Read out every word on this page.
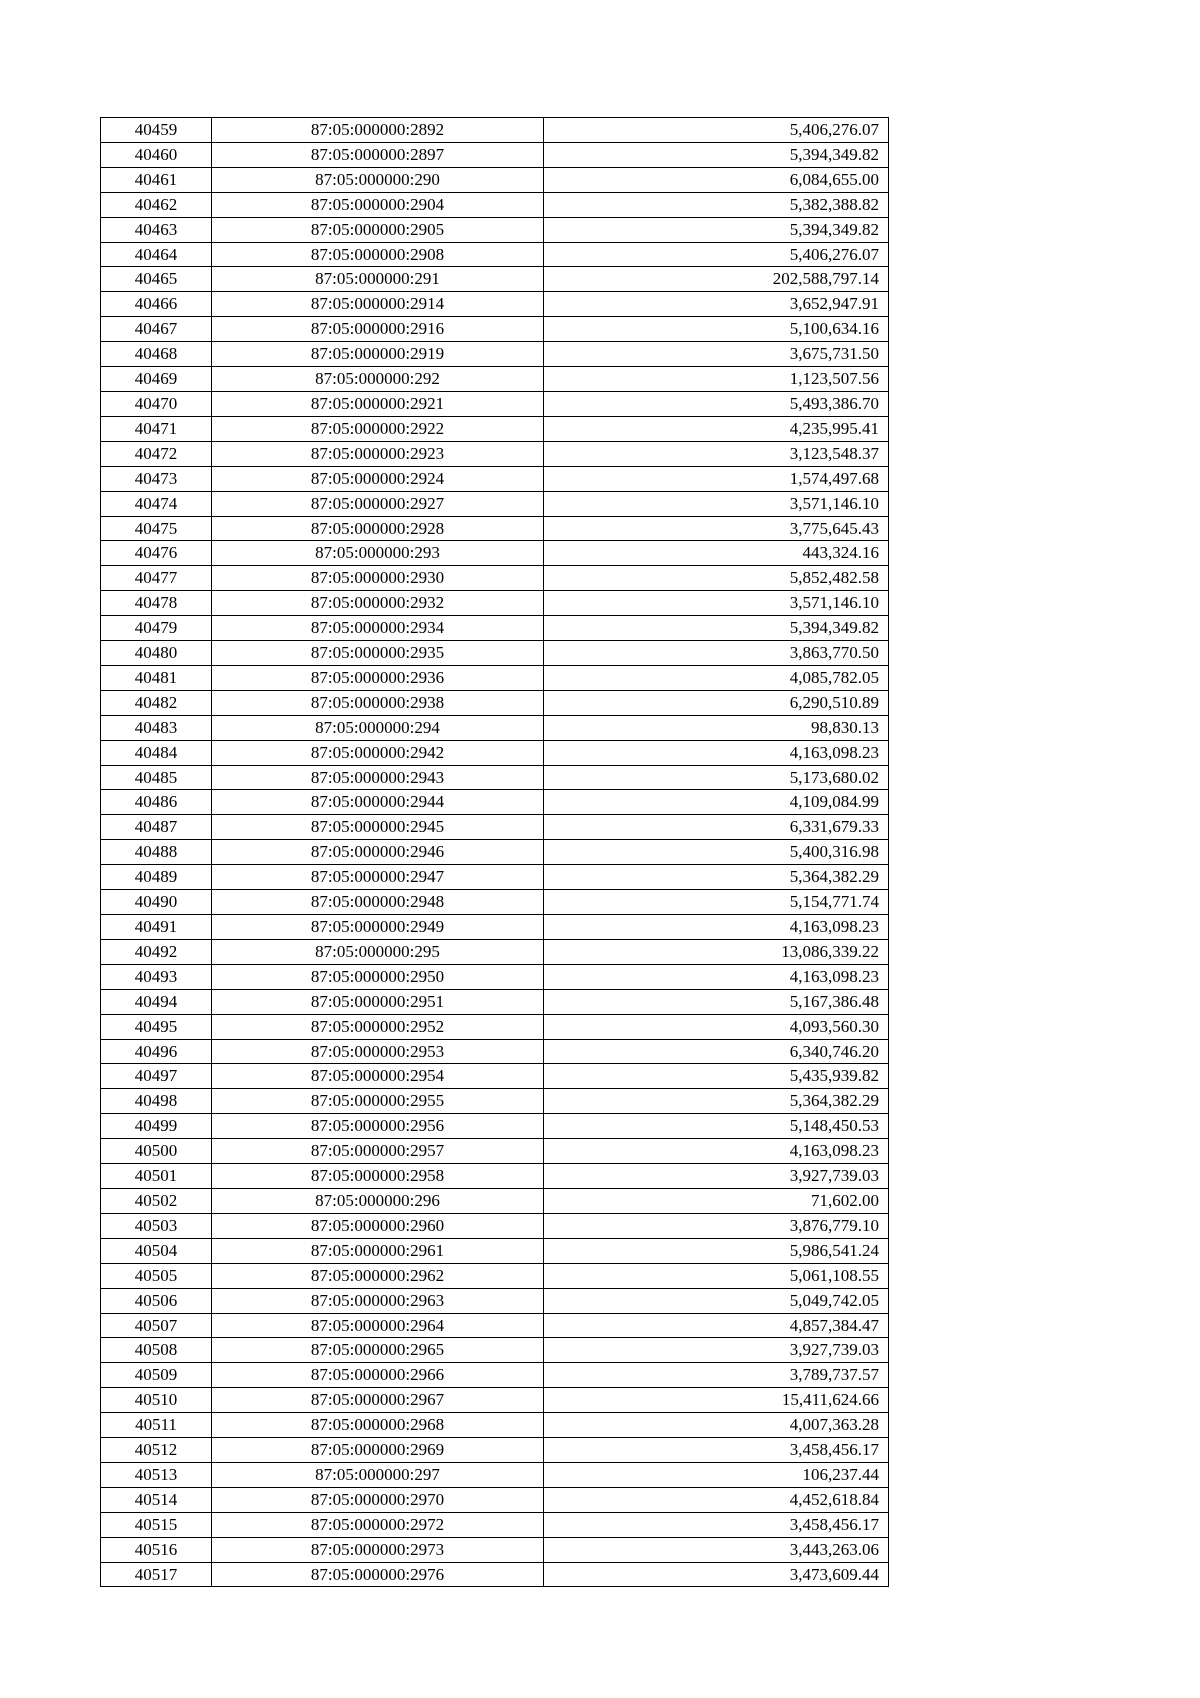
40459	87:05:000000:2892	5,406,276.07
40460	87:05:000000:2897	5,394,349.82
40461	87:05:000000:290	6,084,655.00
40462	87:05:000000:2904	5,382,388.82
40463	87:05:000000:2905	5,394,349.82
40464	87:05:000000:2908	5,406,276.07
40465	87:05:000000:291	202,588,797.14
40466	87:05:000000:2914	3,652,947.91
40467	87:05:000000:2916	5,100,634.16
40468	87:05:000000:2919	3,675,731.50
40469	87:05:000000:292	1,123,507.56
40470	87:05:000000:2921	5,493,386.70
40471	87:05:000000:2922	4,235,995.41
40472	87:05:000000:2923	3,123,548.37
40473	87:05:000000:2924	1,574,497.68
40474	87:05:000000:2927	3,571,146.10
40475	87:05:000000:2928	3,775,645.43
40476	87:05:000000:293	443,324.16
40477	87:05:000000:2930	5,852,482.58
40478	87:05:000000:2932	3,571,146.10
40479	87:05:000000:2934	5,394,349.82
40480	87:05:000000:2935	3,863,770.50
40481	87:05:000000:2936	4,085,782.05
40482	87:05:000000:2938	6,290,510.89
40483	87:05:000000:294	98,830.13
40484	87:05:000000:2942	4,163,098.23
40485	87:05:000000:2943	5,173,680.02
40486	87:05:000000:2944	4,109,084.99
40487	87:05:000000:2945	6,331,679.33
40488	87:05:000000:2946	5,400,316.98
40489	87:05:000000:2947	5,364,382.29
40490	87:05:000000:2948	5,154,771.74
40491	87:05:000000:2949	4,163,098.23
40492	87:05:000000:295	13,086,339.22
40493	87:05:000000:2950	4,163,098.23
40494	87:05:000000:2951	5,167,386.48
40495	87:05:000000:2952	4,093,560.30
40496	87:05:000000:2953	6,340,746.20
40497	87:05:000000:2954	5,435,939.82
40498	87:05:000000:2955	5,364,382.29
40499	87:05:000000:2956	5,148,450.53
40500	87:05:000000:2957	4,163,098.23
40501	87:05:000000:2958	3,927,739.03
40502	87:05:000000:296	71,602.00
40503	87:05:000000:2960	3,876,779.10
40504	87:05:000000:2961	5,986,541.24
40505	87:05:000000:2962	5,061,108.55
40506	87:05:000000:2963	5,049,742.05
40507	87:05:000000:2964	4,857,384.47
40508	87:05:000000:2965	3,927,739.03
40509	87:05:000000:2966	3,789,737.57
40510	87:05:000000:2967	15,411,624.66
40511	87:05:000000:2968	4,007,363.28
40512	87:05:000000:2969	3,458,456.17
40513	87:05:000000:297	106,237.44
40514	87:05:000000:2970	4,452,618.84
40515	87:05:000000:2972	3,458,456.17
40516	87:05:000000:2973	3,443,263.06
40517	87:05:000000:2976	3,473,609.44
